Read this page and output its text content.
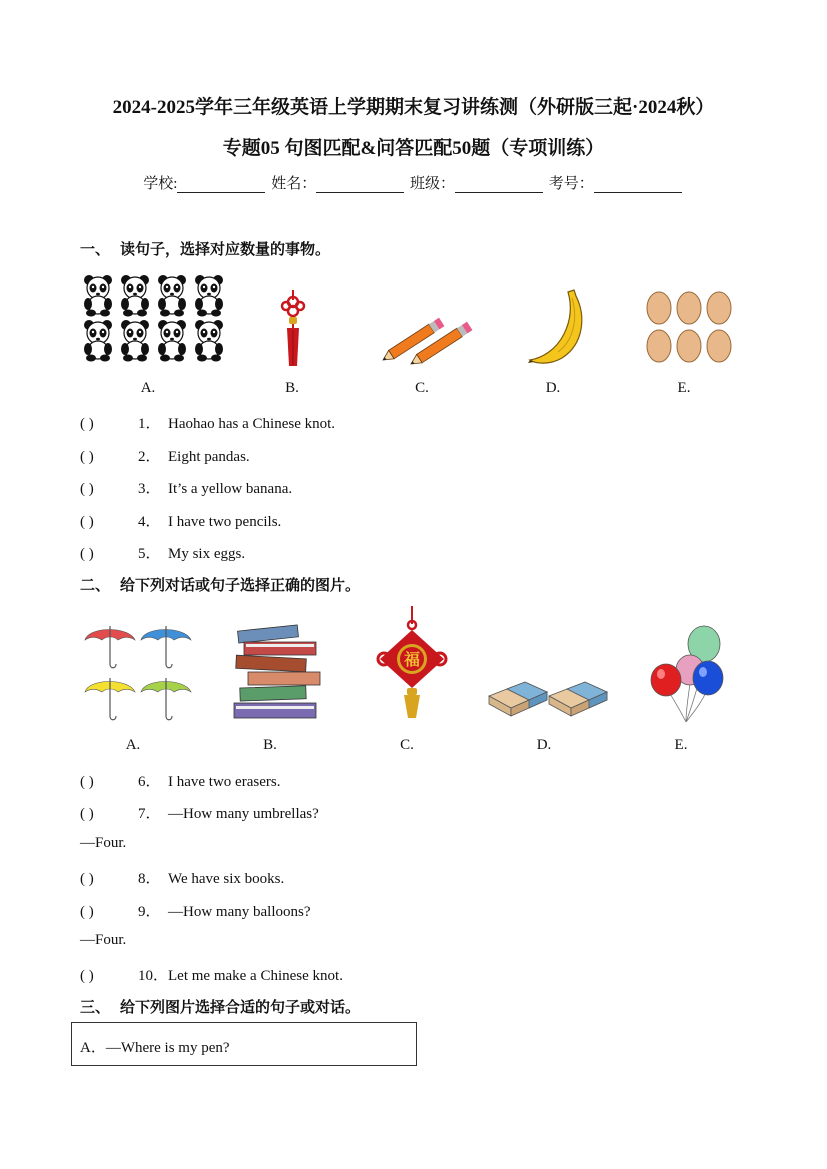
2024-2025学年三年级英语上学期期末复习讲练测（外研版三起·2024秋）
专题05 句图匹配&问答匹配50题（专项训练）
学校:	姓名：	班级：	考号：
一、 读句子，选择对应数量的事物。
A.	B.	C.	D.	E.
( )	1． Haohao has a Chinese knot.
( )	2． Eight pandas.
( )	3． It’s a yellow banana.
( )	4． I have two pencils.
( )	5． My six eggs.
二、 给下列对话或句子选择正确的图片。
福
A.	B.	C.	D.	E.
( )	6． I have two erasers.
( )	7． —How many umbrellas?
—Four.
( )	8． We have six books.
( )	9． —How many balloons?
—Four.
( )	10．Let me make a Chinese knot.
三、 给下列图片选择合适的句子或对话。
A．—Where is my pen?
